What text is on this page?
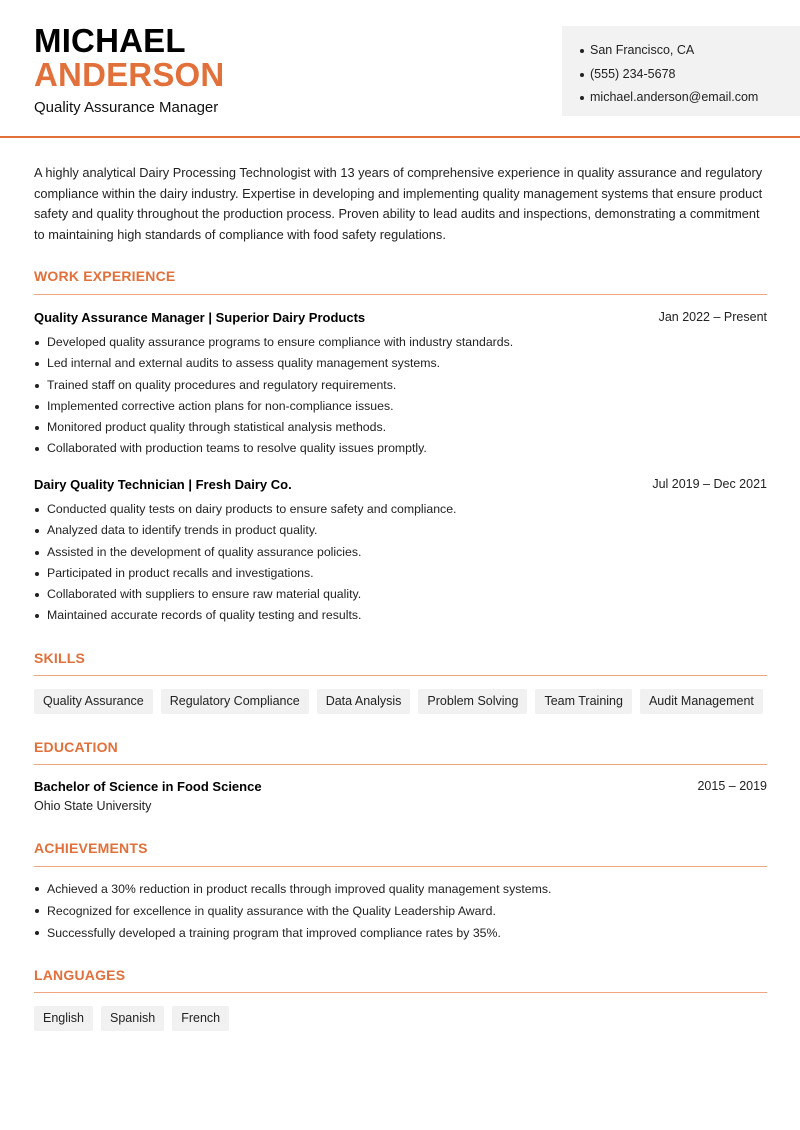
MICHAEL
ANDERSON
Quality Assurance Manager
San Francisco, CA
(555) 234-5678
michael.anderson@email.com
A highly analytical Dairy Processing Technologist with 13 years of comprehensive experience in quality assurance and regulatory compliance within the dairy industry. Expertise in developing and implementing quality management systems that ensure product safety and quality throughout the production process. Proven ability to lead audits and inspections, demonstrating a commitment to maintaining high standards of compliance with food safety regulations.
WORK EXPERIENCE
Quality Assurance Manager | Superior Dairy Products	Jan 2022 – Present
Developed quality assurance programs to ensure compliance with industry standards.
Led internal and external audits to assess quality management systems.
Trained staff on quality procedures and regulatory requirements.
Implemented corrective action plans for non-compliance issues.
Monitored product quality through statistical analysis methods.
Collaborated with production teams to resolve quality issues promptly.
Dairy Quality Technician | Fresh Dairy Co.	Jul 2019 – Dec 2021
Conducted quality tests on dairy products to ensure safety and compliance.
Analyzed data to identify trends in product quality.
Assisted in the development of quality assurance policies.
Participated in product recalls and investigations.
Collaborated with suppliers to ensure raw material quality.
Maintained accurate records of quality testing and results.
SKILLS
Quality Assurance	Regulatory Compliance	Data Analysis	Problem Solving	Team Training	Audit Management
EDUCATION
Bachelor of Science in Food Science	2015 – 2019
Ohio State University
ACHIEVEMENTS
Achieved a 30% reduction in product recalls through improved quality management systems.
Recognized for excellence in quality assurance with the Quality Leadership Award.
Successfully developed a training program that improved compliance rates by 35%.
LANGUAGES
English	Spanish	French
